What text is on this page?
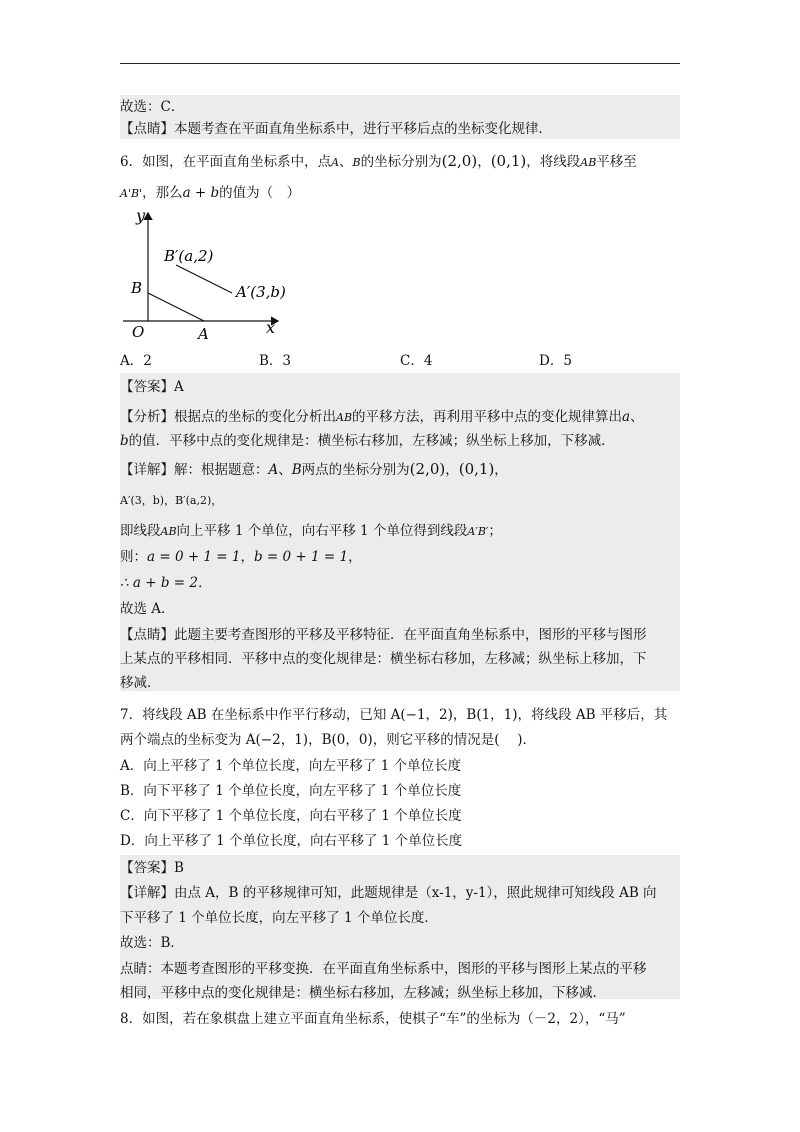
故选：C．
【点睛】本题考查在平面直角坐标系中，进行平移后点的坐标变化规律．
6．如图，在平面直角坐标系中，点A、B的坐标分别为(2,0)，(0,1)，将线段AB平移至
A'B'，那么a + b的值为（　）
y
x
O	A
B
B′(a,2)
A′(3,b)
A．2	B．3	C．4	D．5
【答案】A
【分析】根据点的坐标的变化分析出AB的平移方法，再利用平移中点的变化规律算出a、
b的值．平移中点的变化规律是：横坐标右移加，左移减；纵坐标上移加，下移减．
【详解】解：根据题意：A、B两点的坐标分别为(2,0)，(0,1)，
A′(3，b)，B′(a,2)，
即线段AB向上平移 1 个单位，向右平移 1 个单位得到线段A′B′；
则：a = 0 + 1 = 1，b = 0 + 1 = 1，
∴ a + b = 2．
故选 A．
【点睛】此题主要考查图形的平移及平移特征．在平面直角坐标系中，图形的平移与图形
上某点的平移相同．平移中点的变化规律是：横坐标右移加，左移减；纵坐标上移加，下
移减．
7．将线段 AB 在坐标系中作平行移动，已知 A(−1，2)，B(1，1)，将线段 AB 平移后，其
两个端点的坐标变为 A(−2，1)，B(0，0)，则它平移的情况是(　 )．
A．向上平移了 1 个单位长度，向左平移了 1 个单位长度
B．向下平移了 1 个单位长度，向左平移了 1 个单位长度
C．向下平移了 1 个单位长度，向右平移了 1 个单位长度
D．向上平移了 1 个单位长度，向右平移了 1 个单位长度
【答案】B
【详解】由点 A，B 的平移规律可知，此题规律是（x-1，y-1），照此规律可知线段 AB 向
下平移了 1 个单位长度，向左平移了 1 个单位长度．
故选：B．
点睛：本题考查图形的平移变换．在平面直角坐标系中，图形的平移与图形上某点的平移
相同，平移中点的变化规律是：横坐标右移加，左移减；纵坐标上移加，下移减．
8．如图，若在象棋盘上建立平面直角坐标系，使棋子“车”的坐标为（－2，2），“马”
